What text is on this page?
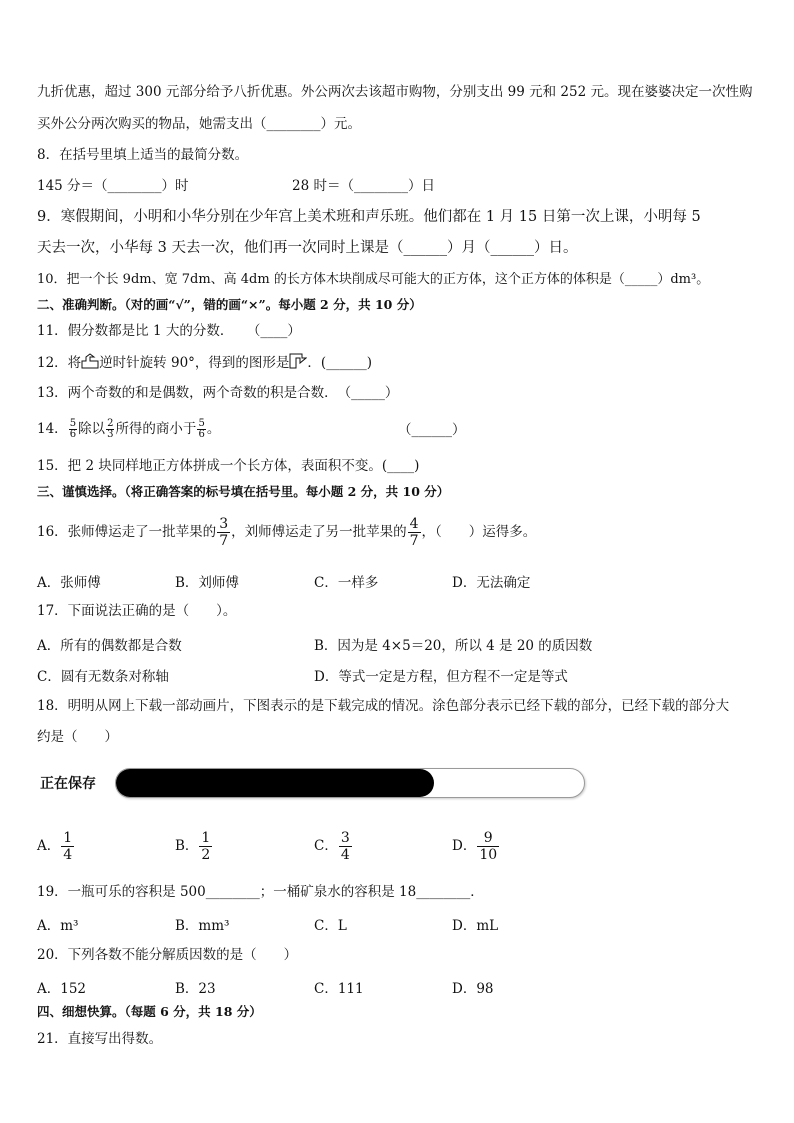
九折优惠，超过 300 元部分给予八折优惠。外公两次去该超市购物，分别支出 99 元和 252 元。现在婆婆决定一次性购
买外公分两次购买的物品，她需支出（________）元。
8．在括号里填上适当的最简分数。
145 分＝（________）时	28 时＝（________）日
9．寒假期间，小明和小华分别在少年宫上美术班和声乐班。他们都在 1 月 15 日第一次上课，小明每 5
天去一次，小华每 3 天去一次，他们再一次同时上课是（______）月（______）日。
10．把一个长 9dm、宽 7dm、高 4dm 的长方体木块削成尽可能大的正方体，这个正方体的体积是（_____）dm³。
二、准确判断。（对的画“√”，错的画“×”。每小题 2 分，共 10 分）
11．假分数都是比 1 大的分数．　　（____）
12．将 逆时针旋转 90°，得到的图形是 ．(______)
13．两个奇数的和是偶数，两个奇数的积是合数．　（_____）
14． $\frac{5}{6}$ 除以 $\frac{2}{3}$ 所得的商小于 $\frac{5}{6}$ 。	（______）
15．把 2 块同样地正方体拼成一个长方体，表面积不变。(____)
三、谨慎选择。（将正确答案的标号填在括号里。每小题 2 分，共 10 分）
16．张师傅运走了一批苹果的 $\frac{3}{7}$ ，刘师傅运走了另一批苹果的 $\frac{4}{7}$ ，（　　）运得多。
A．张师傅	B．刘师傅	C．一样多	D．无法确定
17．下面说法正确的是（　　）。
A．所有的偶数都是合数	B．因为是 4×5＝20，所以 4 是 20 的质因数
C．圆有无数条对称轴	D．等式一定是方程，但方程不一定是等式
18．明明从网上下载一部动画片，下图表示的是下载完成的情况。涂色部分表示已经下载的部分，已经下载的部分大
约是（　　）
正在保存
A． $\frac{1}{4}$	B． $\frac{1}{2}$	C． $\frac{3}{4}$	D． $\frac{9}{10}$
19．一瓶可乐的容积是 500________；一桶矿泉水的容积是 18________．
A．m³	B．mm³	C．L	D．mL
20．下列各数不能分解质因数的是（　　）
A．152	B．23	C．111	D．98
四、细想快算。（每题 6 分，共 18 分）
21．直接写出得数。
